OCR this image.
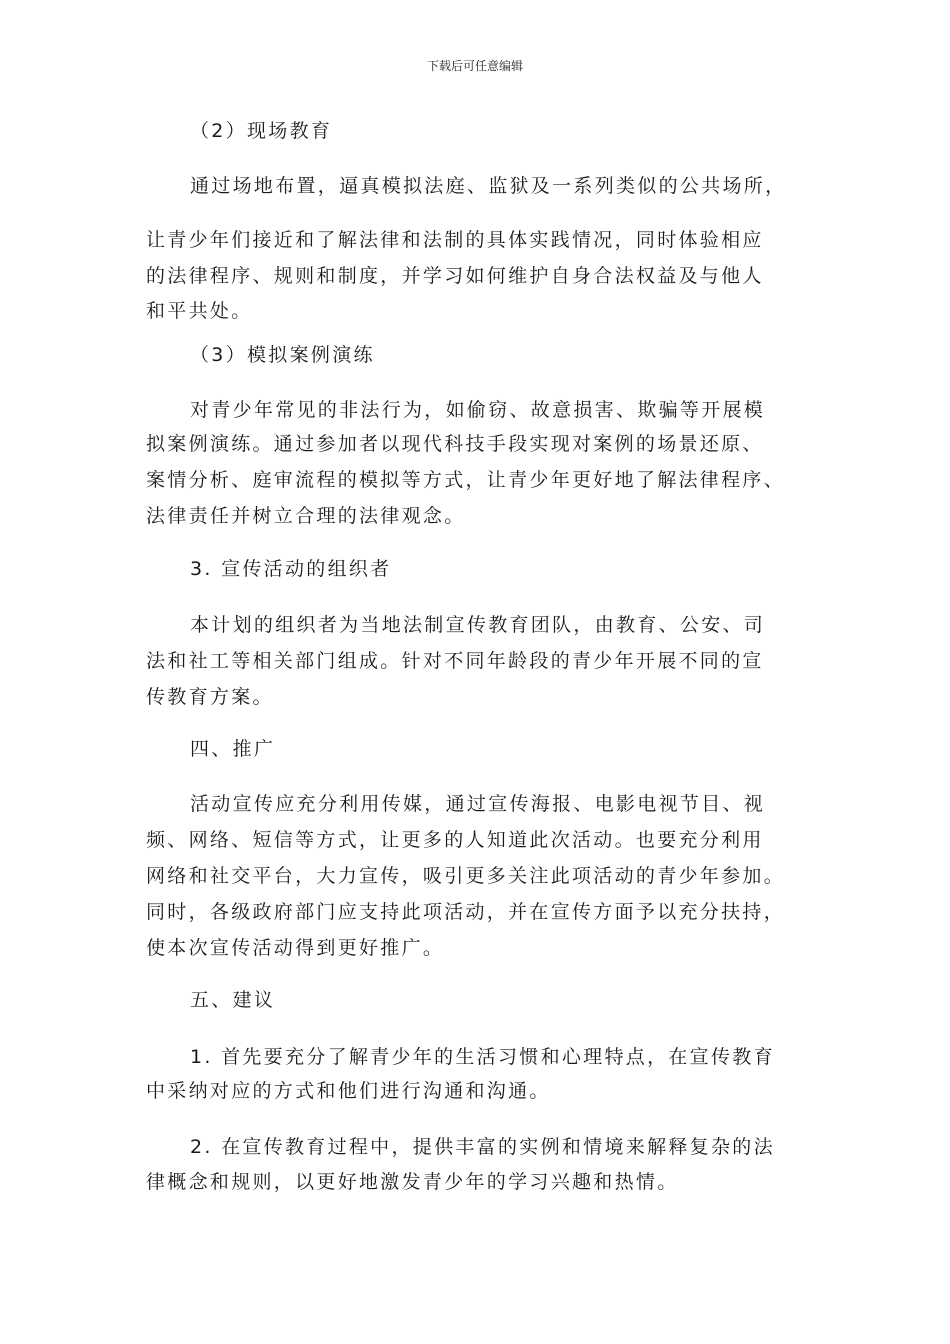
下载后可任意编辑
（2）现场教育
通过场地布置，逼真模拟法庭、监狱及一系列类似的公共场所，
让青少年们接近和了解法律和法制的具体实践情况，同时体验相应
的法律程序、规则和制度，并学习如何维护自身合法权益及与他人
和平共处。
（3）模拟案例演练
对青少年常见的非法行为，如偷窃、故意损害、欺骗等开展模
拟案例演练。通过参加者以现代科技手段实现对案例的场景还原、
案情分析、庭审流程的模拟等方式，让青少年更好地了解法律程序、
法律责任并树立合理的法律观念。
3. 宣传活动的组织者
本计划的组织者为当地法制宣传教育团队，由教育、公安、司
法和社工等相关部门组成。针对不同年龄段的青少年开展不同的宣
传教育方案。
四、推广
活动宣传应充分利用传媒，通过宣传海报、电影电视节目、视
频、网络、短信等方式，让更多的人知道此次活动。也要充分利用
网络和社交平台，大力宣传，吸引更多关注此项活动的青少年参加。
同时，各级政府部门应支持此项活动，并在宣传方面予以充分扶持，
使本次宣传活动得到更好推广。
五、建议
1. 首先要充分了解青少年的生活习惯和心理特点，在宣传教育
中采纳对应的方式和他们进行沟通和沟通。
2. 在宣传教育过程中，提供丰富的实例和情境来解释复杂的法
律概念和规则，以更好地激发青少年的学习兴趣和热情。
